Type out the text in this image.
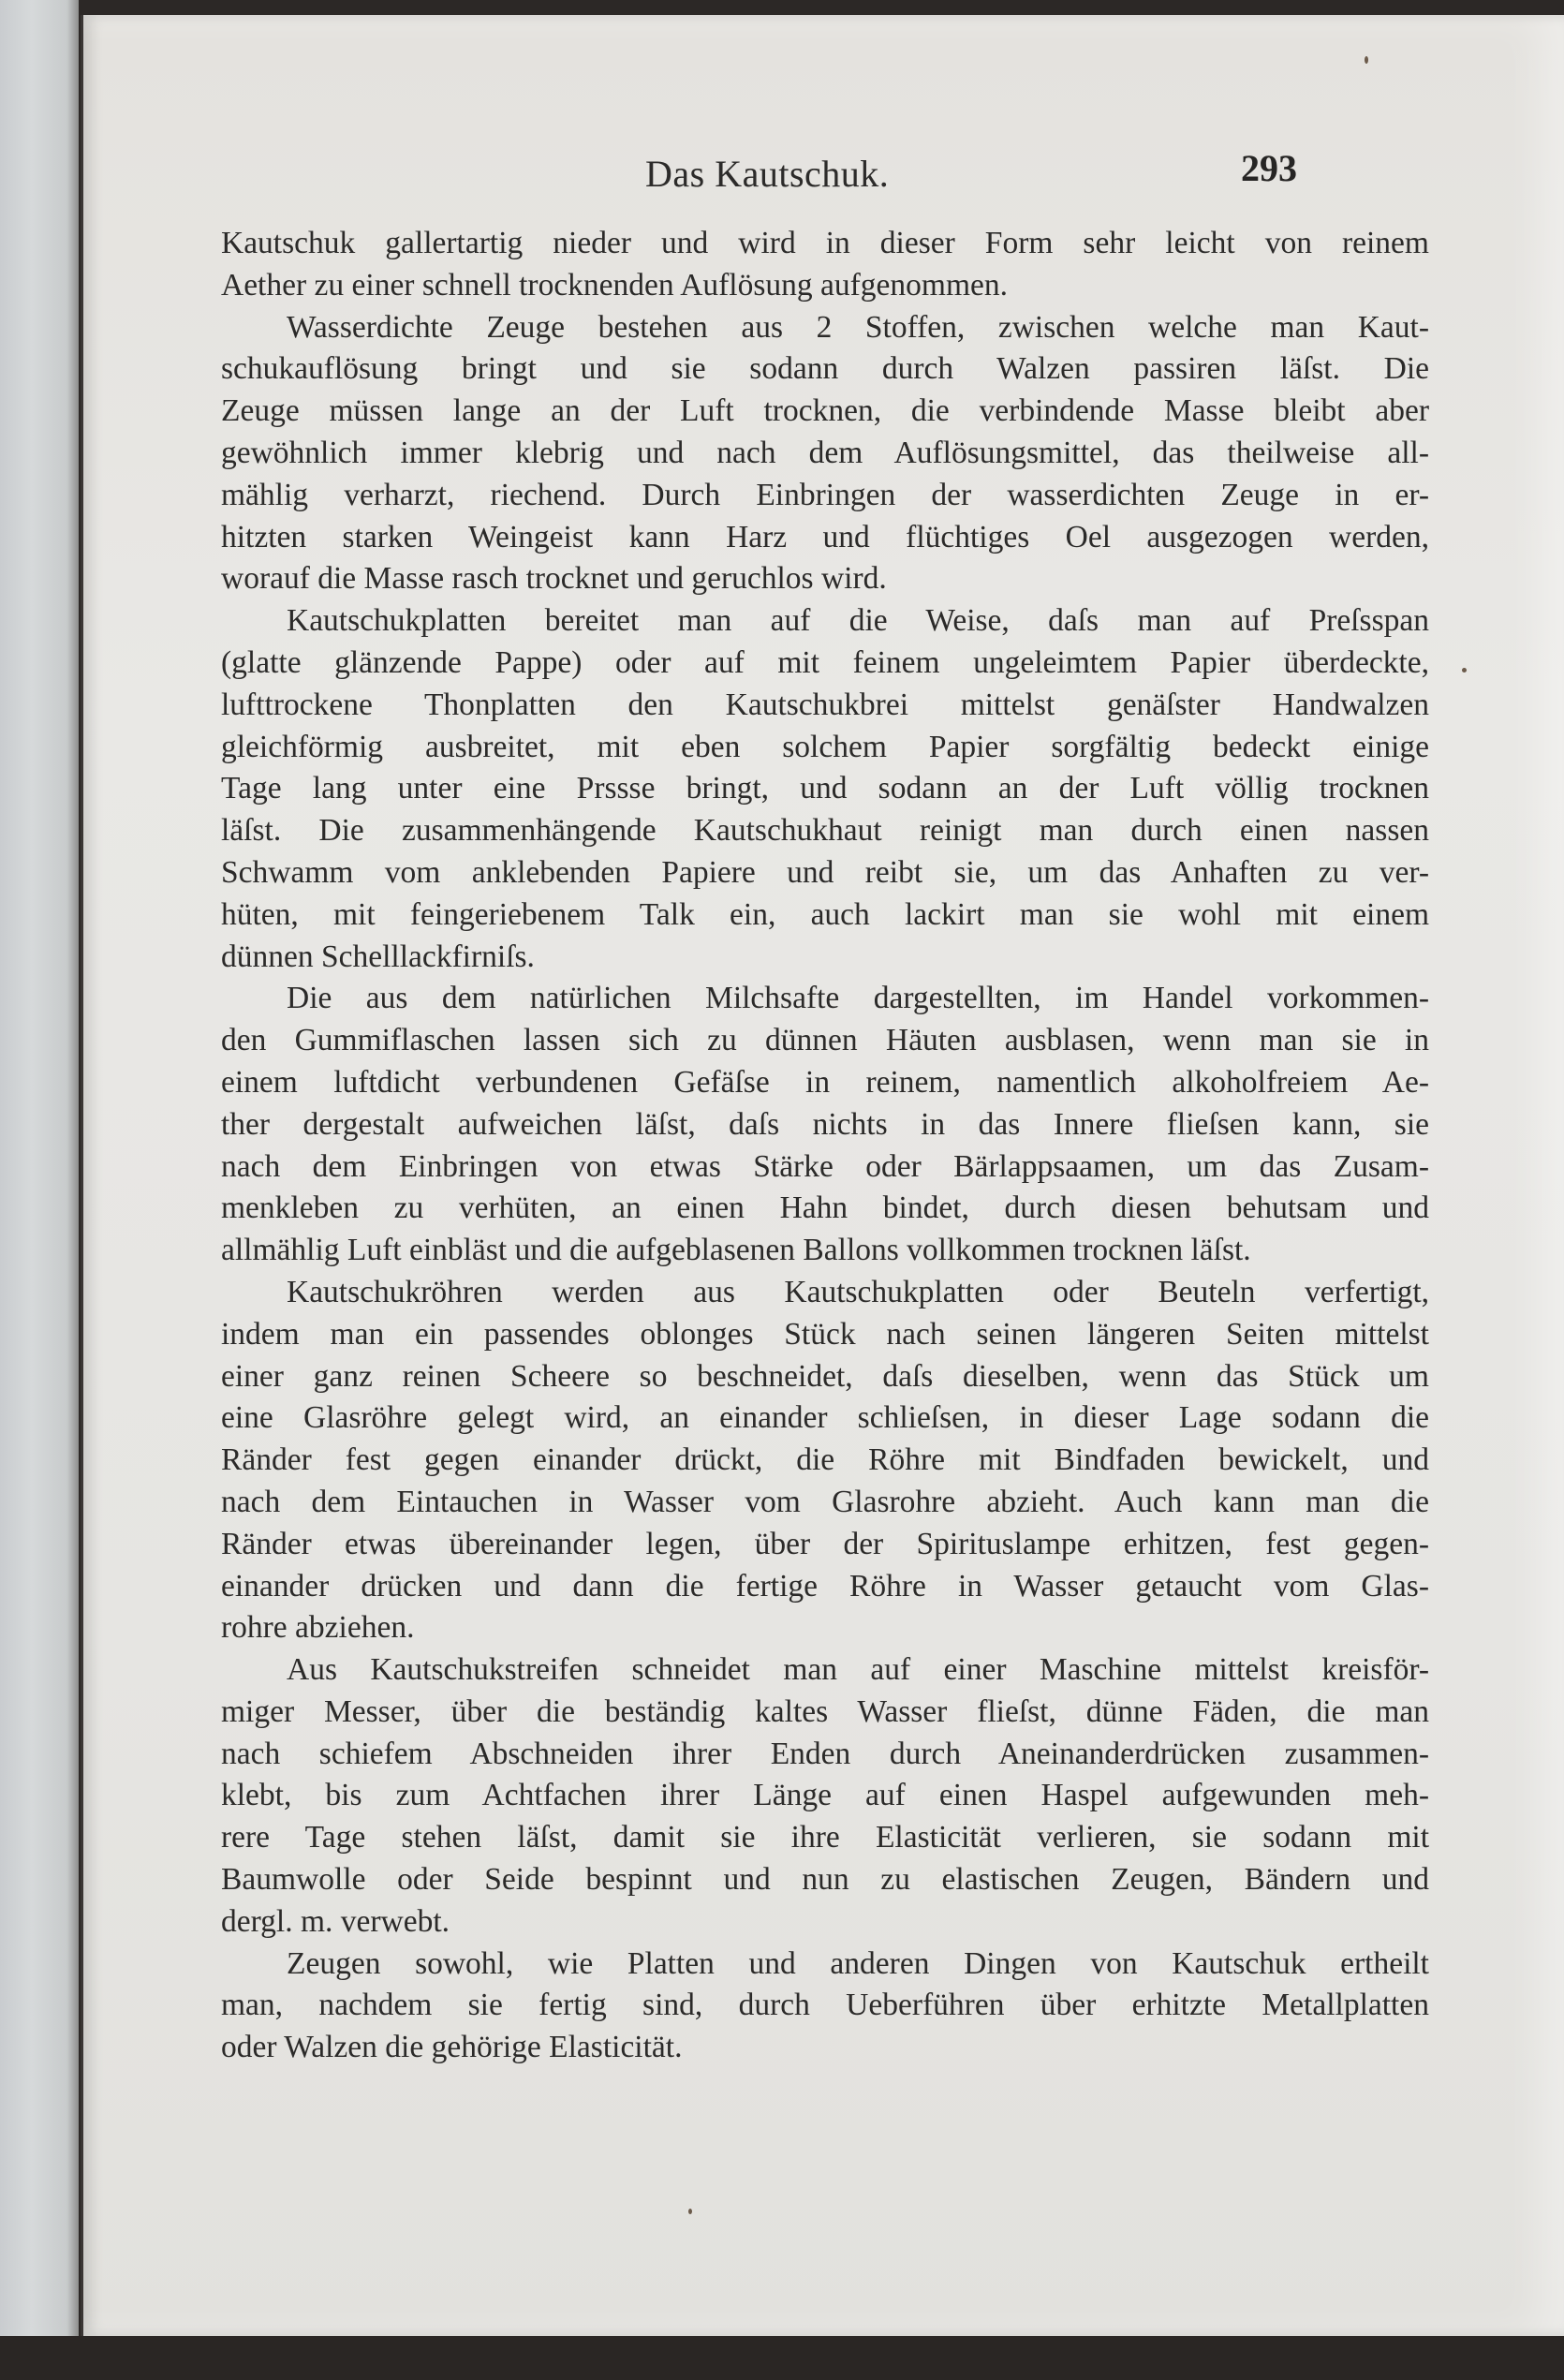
Das Kautschuk.	293
Kautschuk gallertartig nieder und wird in dieser Form sehr leicht von reinem
Aether zu einer schnell trocknenden Auflösung aufgenommen.
Wasserdichte Zeuge bestehen aus 2 Stoffen, zwischen welche man Kaut-
schukauflösung bringt und sie sodann durch Walzen passiren läſst. Die
Zeuge müssen lange an der Luft trocknen, die verbindende Masse bleibt aber
gewöhnlich immer klebrig und nach dem Auflösungsmittel, das theilweise all-
mählig verharzt, riechend. Durch Einbringen der wasserdichten Zeuge in er-
hitzten starken Weingeist kann Harz und flüchtiges Oel ausgezogen werden,
worauf die Masse rasch trocknet und geruchlos wird.
Kautschukplatten bereitet man auf die Weise, daſs man auf Preſsspan
(glatte glänzende Pappe) oder auf mit feinem ungeleimtem Papier überdeckte,
lufttrockene Thonplatten den Kautschukbrei mittelst genäſster Handwalzen
gleichförmig ausbreitet, mit eben solchem Papier sorgfältig bedeckt einige
Tage lang unter eine Prssse bringt, und sodann an der Luft völlig trocknen
läſst. Die zusammenhängende Kautschukhaut reinigt man durch einen nassen
Schwamm vom anklebenden Papiere und reibt sie, um das Anhaften zu ver-
hüten, mit feingeriebenem Talk ein, auch lackirt man sie wohl mit einem
dünnen Schelllackfirniſs.
Die aus dem natürlichen Milchsafte dargestellten, im Handel vorkommen-
den Gummiflaschen lassen sich zu dünnen Häuten ausblasen, wenn man sie in
einem luftdicht verbundenen Gefäſse in reinem, namentlich alkoholfreiem Ae-
ther dergestalt aufweichen läſst, daſs nichts in das Innere flieſsen kann, sie
nach dem Einbringen von etwas Stärke oder Bärlappsaamen, um das Zusam-
menkleben zu verhüten, an einen Hahn bindet, durch diesen behutsam und
allmählig Luft einbläst und die aufgeblasenen Ballons vollkommen trocknen läſst.
Kautschukröhren werden aus Kautschukplatten oder Beuteln verfertigt,
indem man ein passendes oblonges Stück nach seinen längeren Seiten mittelst
einer ganz reinen Scheere so beschneidet, daſs dieselben, wenn das Stück um
eine Glasröhre gelegt wird, an einander schlieſsen, in dieser Lage sodann die
Ränder fest gegen einander drückt, die Röhre mit Bindfaden bewickelt, und
nach dem Eintauchen in Wasser vom Glasrohre abzieht. Auch kann man die
Ränder etwas übereinander legen, über der Spirituslampe erhitzen, fest gegen-
einander drücken und dann die fertige Röhre in Wasser getaucht vom Glas-
rohre abziehen.
Aus Kautschukstreifen schneidet man auf einer Maschine mittelst kreisför-
miger Messer, über die beständig kaltes Wasser flieſst, dünne Fäden, die man
nach schiefem Abschneiden ihrer Enden durch Aneinanderdrücken zusammen-
klebt, bis zum Achtfachen ihrer Länge auf einen Haspel aufgewunden meh-
rere Tage stehen läſst, damit sie ihre Elasticität verlieren, sie sodann mit
Baumwolle oder Seide bespinnt und nun zu elastischen Zeugen, Bändern und
dergl. m. verwebt.
Zeugen sowohl, wie Platten und anderen Dingen von Kautschuk ertheilt
man, nachdem sie fertig sind, durch Ueberführen über erhitzte Metallplatten
oder Walzen die gehörige Elasticität.
